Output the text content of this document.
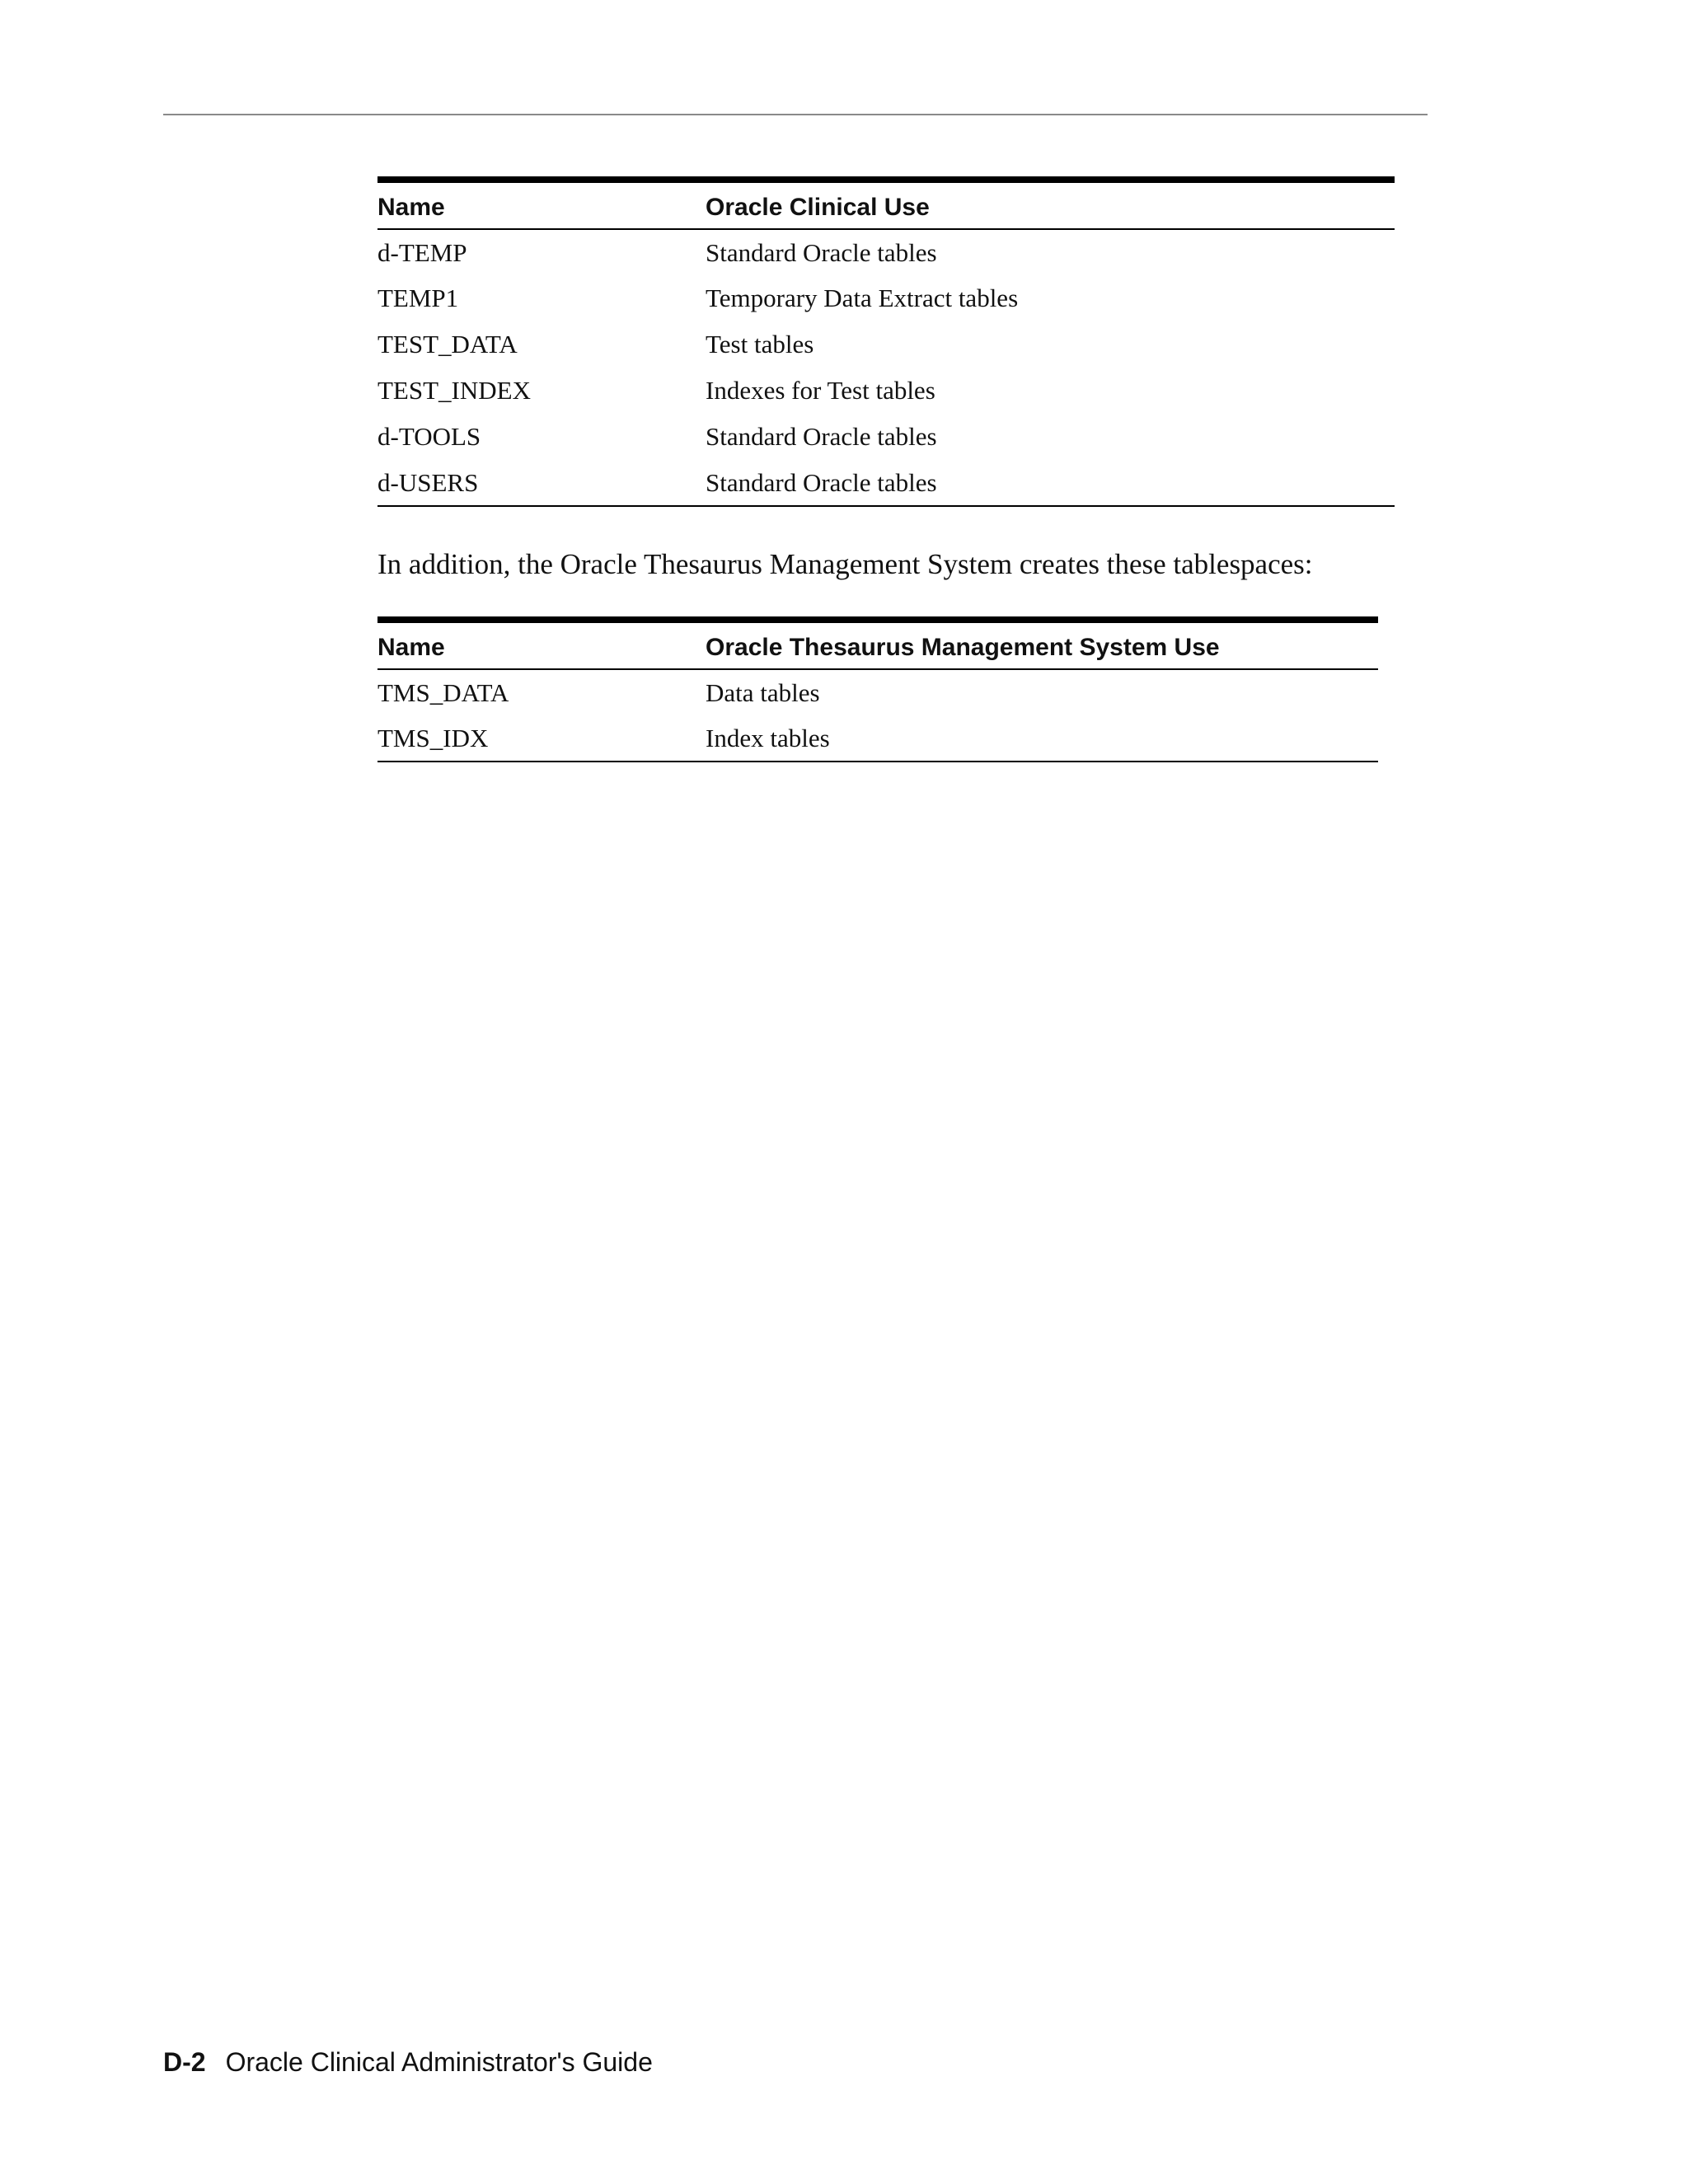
Name	Oracle Clinical Use
d-TEMP	Standard Oracle tables
TEMP1	Temporary Data Extract tables
TEST_DATA	Test tables
TEST_INDEX	Indexes for Test tables
d-TOOLS	Standard Oracle tables
d-USERS	Standard Oracle tables

In addition, the Oracle Thesaurus Management System creates these tablespaces:

Name	Oracle Thesaurus Management System Use
TMS_DATA	Data tables
TMS_IDX	Index tables
D-2 Oracle Clinical Administrator's Guide
